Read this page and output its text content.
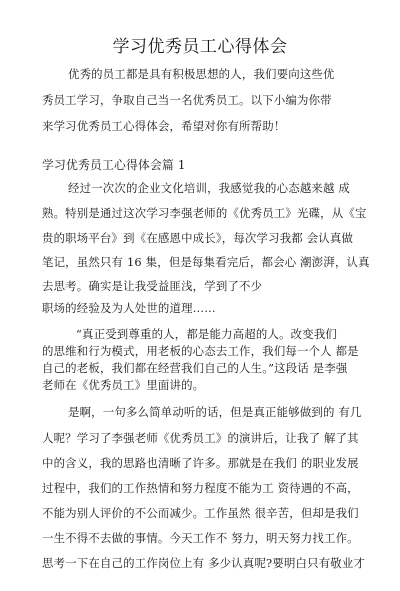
学习优秀员工心得体会
优秀的员工都是具有积极思想的人，我们要向这些优
秀员工学习，争取自己当一名优秀员工。以下小编为你带
来学习优秀员工心得体会，希望对你有所帮助！
学习优秀员工心得体会篇 1
经过一次次的企业文化培训，我感觉我的心态越来越 成
熟。特别是通过这次学习李强老师的《优秀员工》光碟，从《宝
贵的职场平台》到《在感恩中成长》，每次学习我都 会认真做
笔记，虽然只有 16 集，但是每集看完后，都会心 潮澎湃，认真
去思考。确实是让我受益匪浅，学到了不少
职场的经验及为人处世的道理……
“真正受到尊重的人，都是能力高超的人。改变我们
的思维和行为模式，用老板的心态去工作，我们每一个人 都是
自己的老板，我们都在经营我们自己的人生。”这段话 是李强
老师在《优秀员工》里面讲的。
是啊，一句多么简单动听的话，但是真正能够做到的 有几
人呢？学习了李强老师《优秀员工》的演讲后，让我了 解了其
中的含义，我的思路也清晰了许多。那就是在我们 的职业发展
过程中，我们的工作热情和努力程度不能为工 资待遇的不高，
不能为别人评价的不公而减少。工作虽然 很辛苦，但却是我们
一生不得不去做的事情。今天工作不 努力，明天努力找工作。
思考一下在自己的工作岗位上有 多少认真呢?要明白只有敬业才
